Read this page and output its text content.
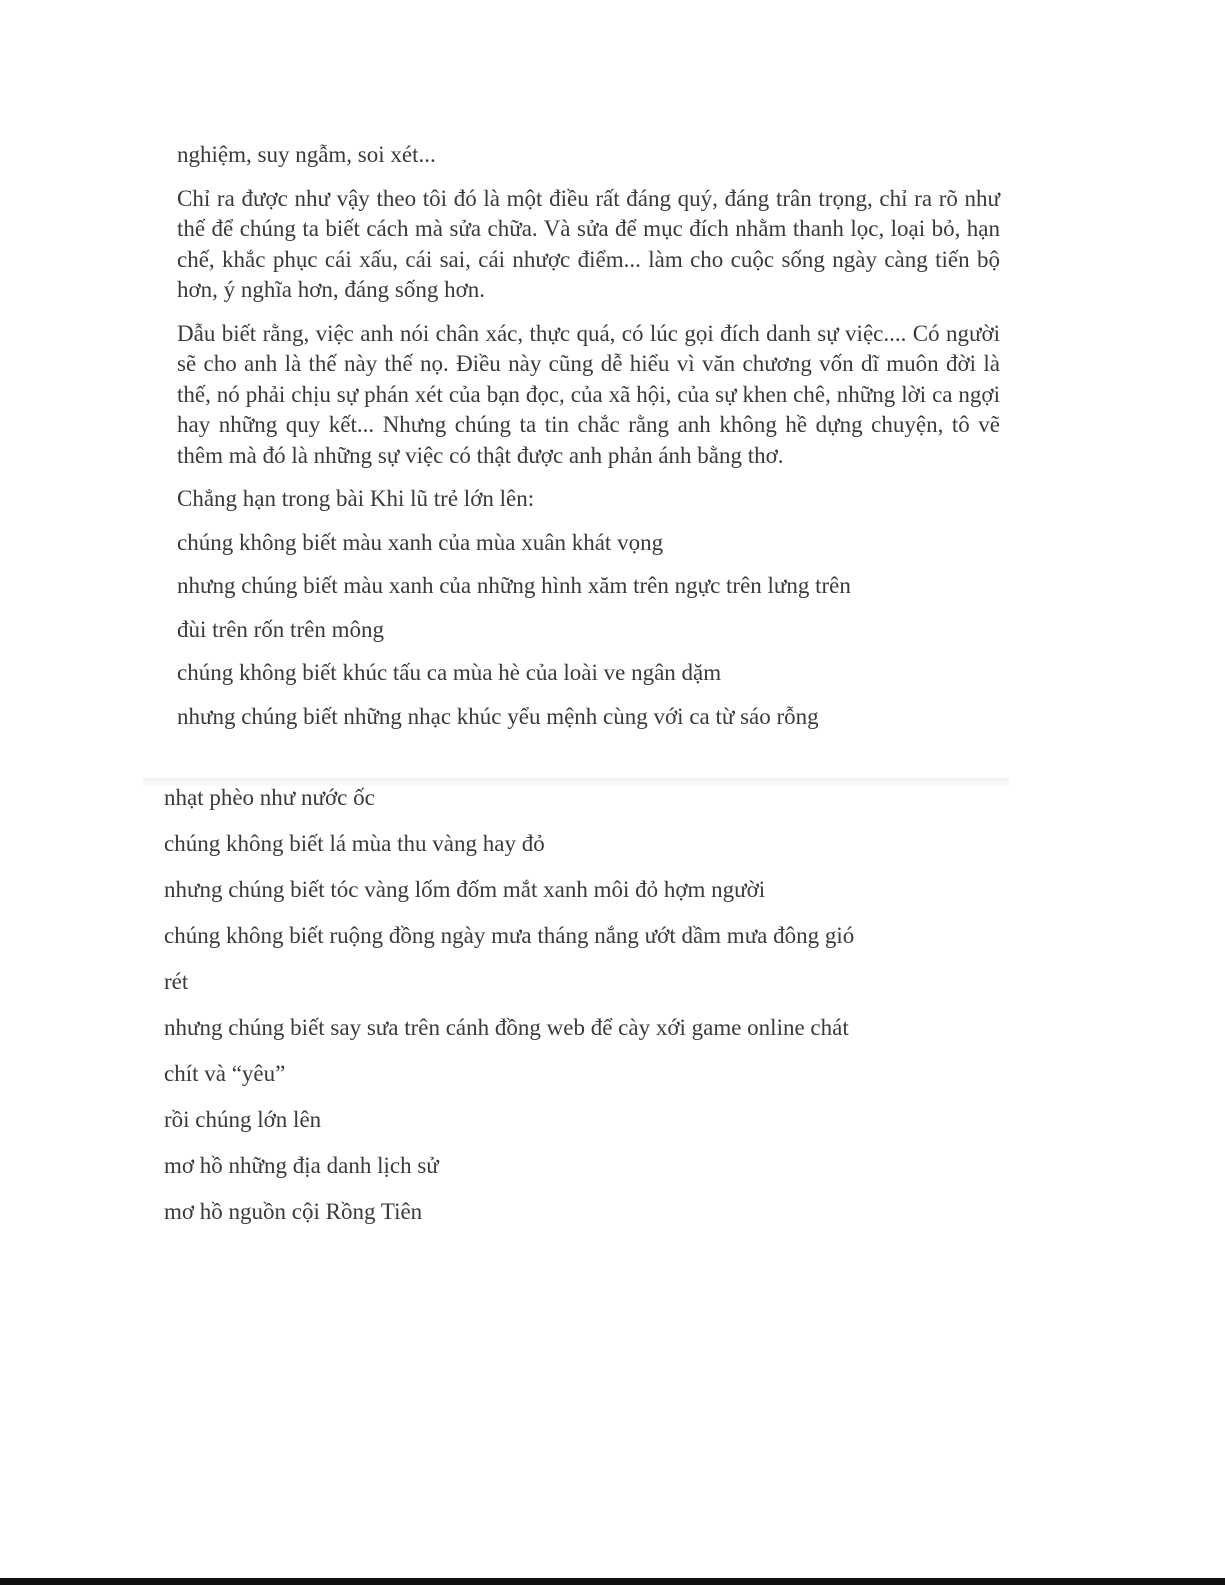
nghiệm, suy ngẫm, soi xét...

Chỉ ra được như vậy theo tôi đó là một điều rất đáng quý, đáng trân trọng, chỉ ra rõ như thế để chúng ta biết cách mà sửa chữa. Và sửa để mục đích nhằm thanh lọc, loại bỏ, hạn chế, khắc phục cái xấu, cái sai, cái nhược điểm... làm cho cuộc sống ngày càng tiến bộ hơn, ý nghĩa hơn, đáng sống hơn.

Dẫu biết rằng, việc anh nói chân xác, thực quá, có lúc gọi đích danh sự việc.... Có người sẽ cho anh là thế này thế nọ. Điều này cũng dễ hiểu vì văn chương vốn dĩ muôn đời là thế, nó phải chịu sự phán xét của bạn đọc, của xã hội, của sự khen chê, những lời ca ngợi hay những quy kết... Nhưng chúng ta tin chắc rằng anh không hề dựng chuyện, tô vẽ thêm mà đó là những sự việc có thật được anh phản ánh bằng thơ.

Chẳng hạn trong bài Khi lũ trẻ lớn lên:

chúng không biết màu xanh của mùa xuân khát vọng

nhưng chúng biết màu xanh của những hình xăm trên ngực trên lưng trên

đùi trên rốn trên mông

chúng không biết khúc tấu ca mùa hè của loài ve ngân dặm

nhưng chúng biết những nhạc khúc yểu mệnh cùng với ca từ sáo rỗng

nhạt phèo như nước ốc

chúng không biết lá mùa thu vàng hay đỏ

nhưng chúng biết tóc vàng lốm đốm mắt xanh môi đỏ hợm người

chúng không biết ruộng đồng ngày mưa tháng nắng ướt dầm mưa đông gió

rét

nhưng chúng biết say sưa trên cánh đồng web để cày xới game online chát

chít và “yêu”

rồi chúng lớn lên

mơ hồ những địa danh lịch sử

mơ hồ nguồn cội Rồng Tiên
